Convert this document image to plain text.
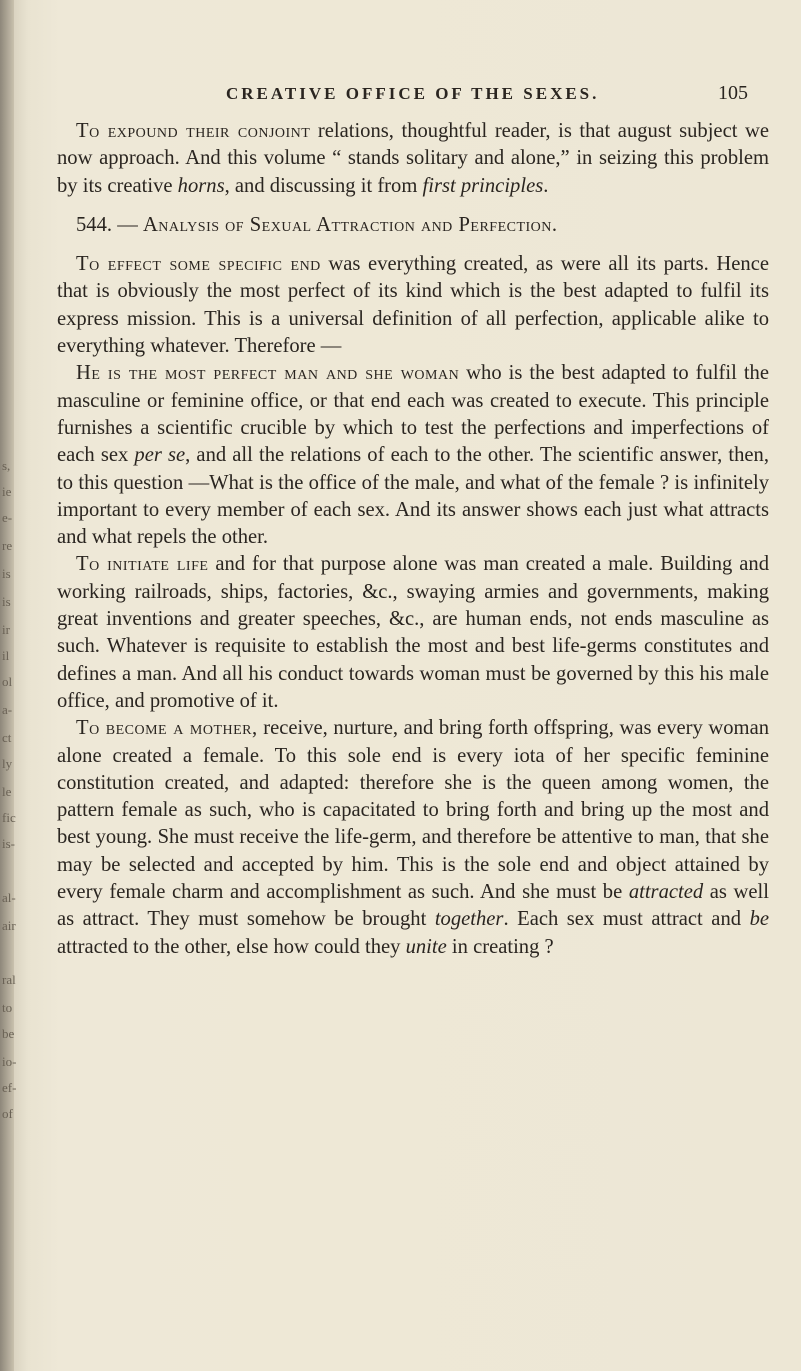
s,
ie
e-
re
is
is
ir
il
ol
a-
ct
ly
le
fic
is-
al-
air
ral
to
be
io-
ef-
of
CREATIVE OFFICE OF THE SEXES.	105

To expound their conjoint relations, thoughtful reader, is that august subject we now approach. And this volume “ stands solitary and alone,” in seizing this problem by its creative horns, and discussing it from first principles.

544. — Analysis of Sexual Attraction and Perfection.

To effect some specific end was everything created, as were all its parts. Hence that is obviously the most perfect of its kind which is the best adapted to fulfil its express mission. This is a universal definition of all perfection, applicable alike to everything whatever. Therefore —

He is the most perfect man and she woman who is the best adapted to fulfil the masculine or feminine office, or that end each was created to execute. This principle furnishes a scientific crucible by which to test the perfections and imperfections of each sex per se, and all the relations of each to the other. The scientific answer, then, to this question —What is the office of the male, and what of the female ? is infinitely important to every member of each sex. And its answer shows each just what attracts and what repels the other.

To initiate life and for that purpose alone was man created a male. Building and working railroads, ships, factories, &c., swaying armies and governments, making great inventions and greater speeches, &c., are human ends, not ends masculine as such. Whatever is requisite to establish the most and best life-germs constitutes and defines a man. And all his conduct towards woman must be governed by this his male office, and promotive of it.

To become a mother, receive, nurture, and bring forth offspring, was every woman alone created a female. To this sole end is every iota of her specific feminine constitution created, and adapted: therefore she is the queen among women, the pattern female as such, who is capacitated to bring forth and bring up the most and best young. She must receive the life-germ, and therefore be attentive to man, that she may be selected and accepted by him. This is the sole end and object attained by every female charm and accomplishment as such. And she must be attracted as well as attract. They must somehow be brought together. Each sex must attract and be attracted to the other, else how could they unite in creating ?
